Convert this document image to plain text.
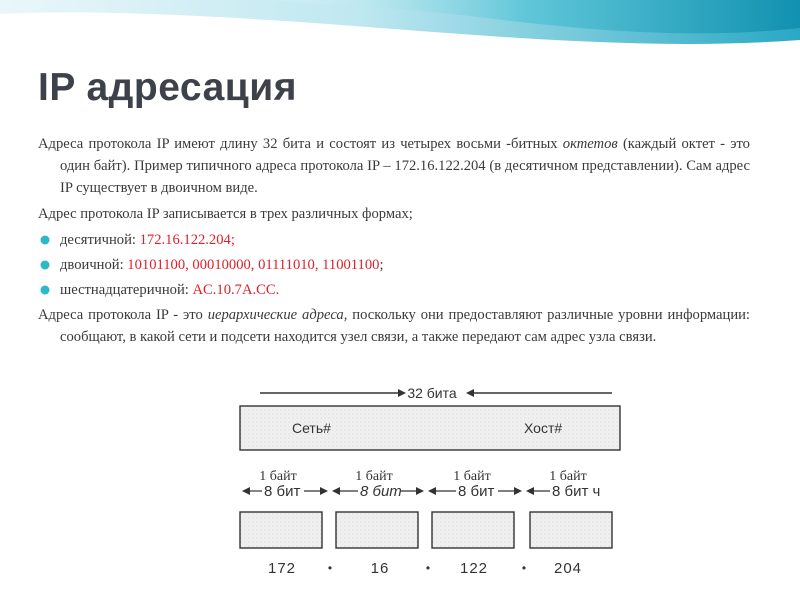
IP адресация

Адреса протокола IP имеют длину 32 бита и состоят из четырех восьми -битных октетов (каждый октет - это один байт). Пример типичного адреса протокола IP – 172.16.122.204 (в десятичном представлении). Сам адрес IP существует в двоичном виде.

Адрес протокола IP записывается в трех различных формах;

десятичной: 172.16.122.204;
двоичной: 10101100, 00010000, 01111010, 11001100;
шестнадцатеричной: AC.10.7A.CC.

Адреса протокола IP - это иерархические адреса, поскольку они предоставляют различные уровни информации: сообщают, в какой сети и подсети находится узел связи, а также передают сам адрес узла связи.

32 бита
Сеть#	Хост#
1 байт	1 байт	1 байт	1 байт
8 бит	8 бит	8 бит	8 бит ч
172	•	16	• 122	• 204
